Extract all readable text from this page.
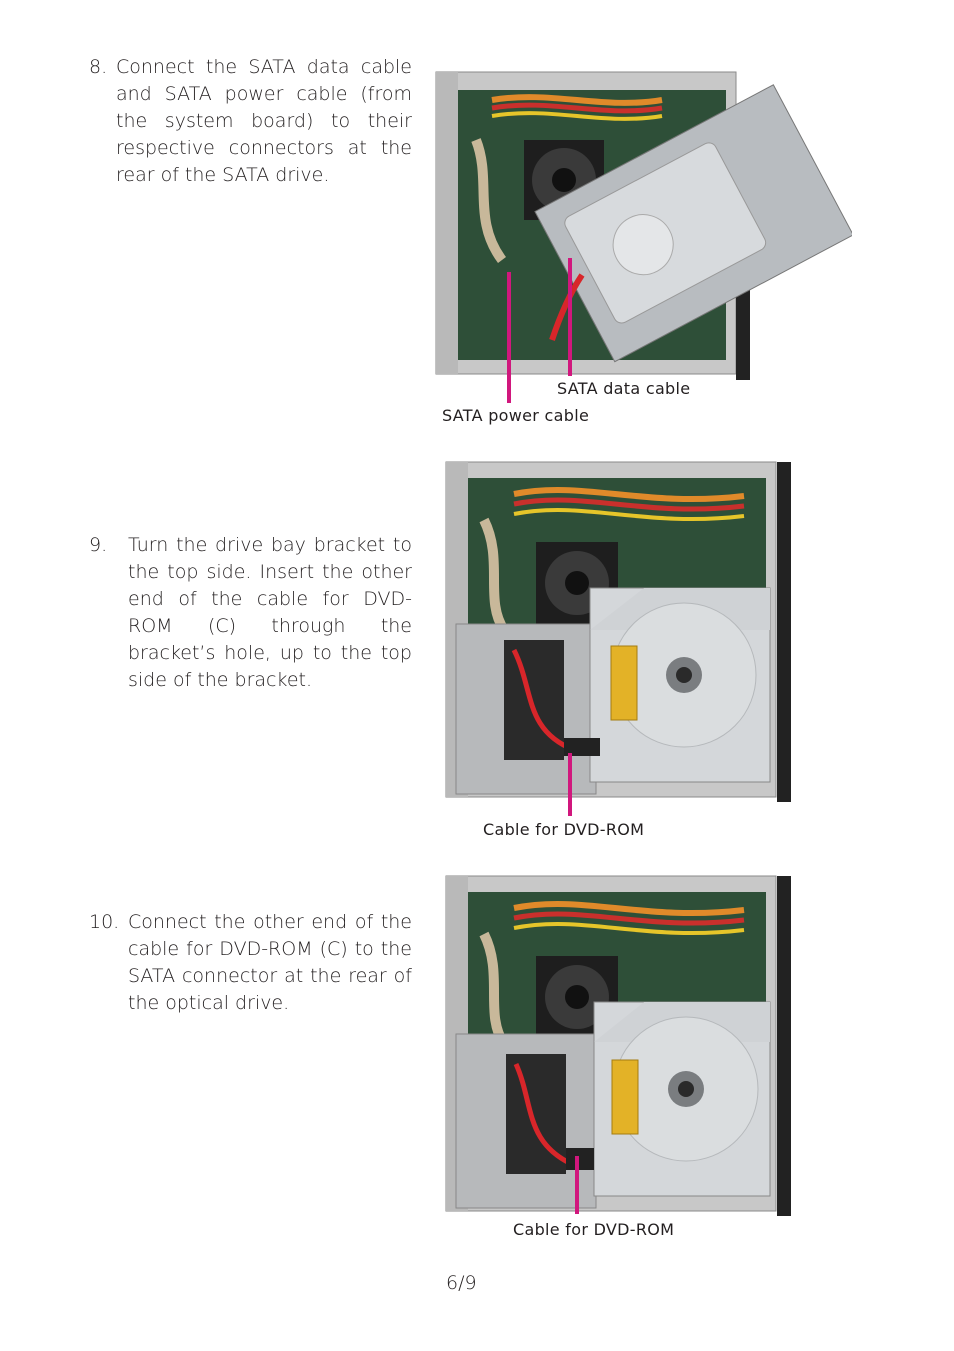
8. Connect the SATA data cable and SATA power cable (from the system board) to their respective connectors at the rear of the SATA drive.
SATA data cable
SATA power cable
9. Turn the drive bay bracket to the top side. Insert the other end of the cable for DVD-ROM (C) through the bracket’s hole, up to the top side of the bracket.
Cable for DVD-ROM
10. Connect the other end of the cable for DVD-ROM (C) to the SATA connector at the rear of the optical drive.
Cable for DVD-ROM
6/9
